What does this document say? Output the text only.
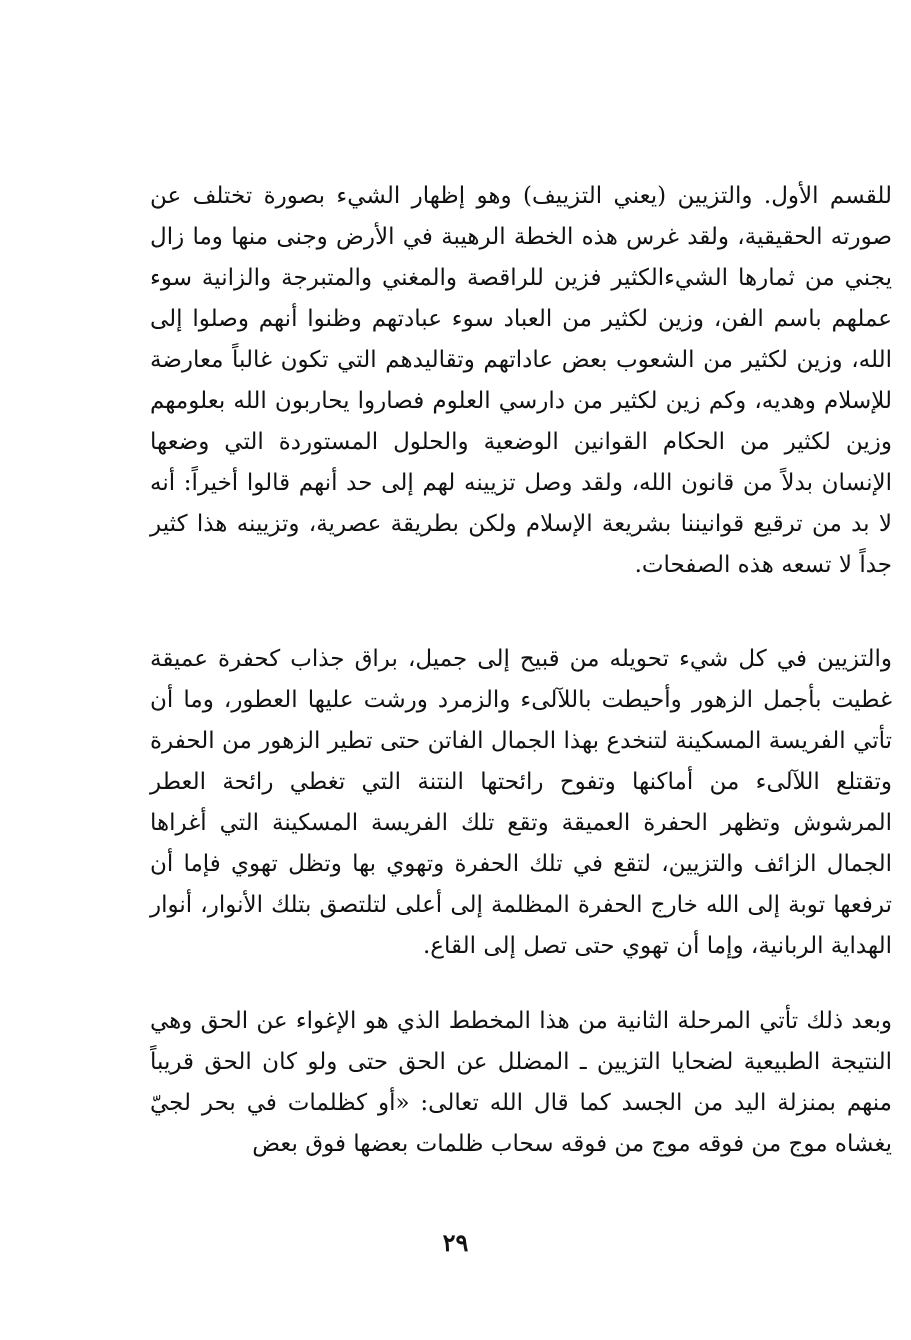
للقسم الأول. والتزيين (يعني التزييف) وهو إظهار الشيء بصورة تختلف عن صورته الحقيقية، ولقد غرس هذه الخطة الرهيبة في الأرض وجنى منها وما زال يجني من ثمارها الشيءالكثير فزين للراقصة والمغني والمتبرجة والزانية سوء عملهم باسم الفن، وزين لكثير من العباد سوء عبادتهم وظنوا أنهم وصلوا إلى الله، وزين لكثير من الشعوب بعض عاداتهم وتقاليدهم التي تكون غالباً معارضة للإسلام وهديه، وكم زين لكثير من دارسي العلوم فصاروا يحاربون الله بعلومهم وزين لكثير من الحكام القوانين الوضعية والحلول المستوردة التي وضعها الإنسان بدلاً من قانون الله، ولقد وصل تزيينه لهم إلى حد أنهم قالوا أخيراً: أنه لا بد من ترقيع قوانيننا بشريعة الإسلام ولكن بطريقة عصرية، وتزيينه هذا كثير جداً لا تسعه هذه الصفحات.

والتزيين في كل شيء تحويله من قبيح إلى جميل، براق جذاب كحفرة عميقة غطيت بأجمل الزهور وأحيطت باللآلىء والزمرد ورشت عليها العطور، وما أن تأتي الفريسة المسكينة لتنخدع بهذا الجمال الفاتن حتى تطير الزهور من الحفرة وتقتلع اللآلىء من أماكنها وتفوح رائحتها النتنة التي تغطي رائحة العطر المرشوش وتظهر الحفرة العميقة وتقع تلك الفريسة المسكينة التي أغراها الجمال الزائف والتزيين، لتقع في تلك الحفرة وتهوي بها وتظل تهوي فإما أن ترفعها توبة إلى الله خارج الحفرة المظلمة إلى أعلى لتلتصق بتلك الأنوار، أنوار الهداية الربانية، وإما أن تهوي حتى تصل إلى القاع.

وبعد ذلك تأتي المرحلة الثانية من هذا المخطط الذي هو الإغواء عن الحق وهي النتيجة الطبيعية لضحايا التزيين ـ المضلل عن الحق حتى ولو كان الحق قريباً منهم بمنزلة اليد من الجسد كما قال الله تعالى: «أو كظلمات في بحر لجيّ يغشاه موج من فوقه موج من فوقه سحاب ظلمات بعضها فوق بعض

٢٩
